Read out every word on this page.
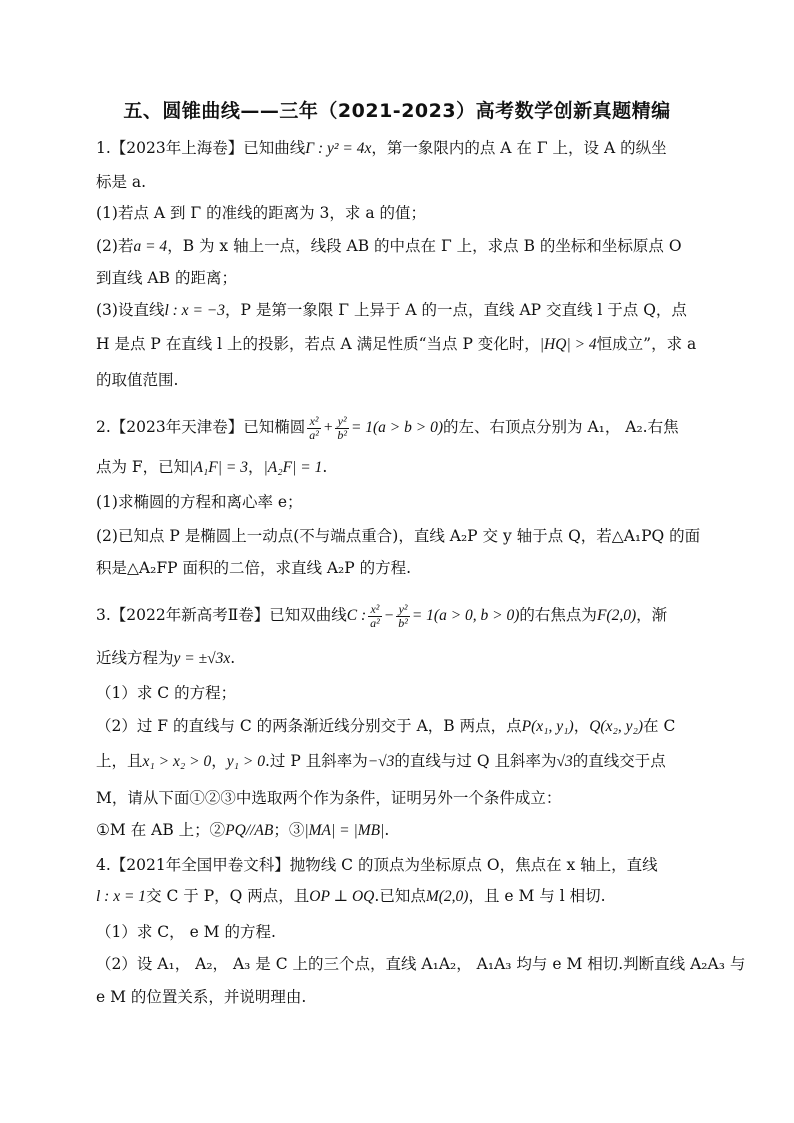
五、圆锥曲线——三年（2021-2023）高考数学创新真题精编
1.【2023年上海卷】已知曲线Γ : y² = 4x，第一象限内的点 A 在 Γ 上，设 A 的纵坐
标是 a.
(1)若点 A 到 Γ 的准线的距离为 3，求 a 的值；
(2)若a = 4，B 为 x 轴上一点，线段 AB 的中点在 Γ 上，求点 B 的坐标和坐标原点 O
到直线 AB 的距离；
(3)设直线l : x = −3，P 是第一象限 Γ 上异于 A 的一点，直线 AP 交直线 l 于点 Q，点
H 是点 P 在直线 l 上的投影，若点 A 满足性质“当点 P 变化时，|HQ| > 4恒成立”，求 a
的取值范围.
2.【2023年天津卷】已知椭圆 $\frac{\text{x²}}{\text{a²}} + \frac{\text{y²}}{\text{b²}} = 1(a > b > 0)$的左、右顶点分别为 A₁， A₂.右焦
点为 F，已知|A₁F| = 3，|A₂F| = 1.
(1)求椭圆的方程和离心率 e；
(2)已知点 P 是椭圆上一动点(不与端点重合)，直线 A₂P 交 y 轴于点 Q，若△A₁PQ 的面
积是△A₂FP 面积的二倍，求直线 A₂P 的方程.
3.【2022年新高考Ⅱ卷】已知双曲线C : $\frac{\text{x²}}{\text{a²}} - \frac{\text{y²}}{\text{b²}} = 1(a > 0$, b > 0)的右焦点为F(2,0)，渐
近线方程为y = ±√3x.
（1）求 C 的方程；
（2）过 F 的直线与 C 的两条渐近线分别交于 A，B 两点，点P(x₁, y₁)，Q(x₂, y₂)在 C
上，且x₁ > x₂ > 0，y₁ > 0.过 P 且斜率为−√3的直线与过 Q 且斜率为√3的直线交于点
M，请从下面①②③中选取两个作为条件，证明另外一个条件成立：
①M 在 AB 上；②PQ//AB；③|MA| = |MB|.
4.【2021年全国甲卷文科】抛物线 C 的顶点为坐标原点 O，焦点在 x 轴上，直线
l : x = 1交 C 于 P，Q 两点，且OP ⊥ OQ.已知点M(2,0)，且 e M 与 l 相切.
（1）求 C， e M 的方程.
（2）设 A₁， A₂， A₃ 是 C 上的三个点，直线 A₁A₂， A₁A₃ 均与 e M 相切.判断直线 A₂A₃ 与
e M 的位置关系，并说明理由.
